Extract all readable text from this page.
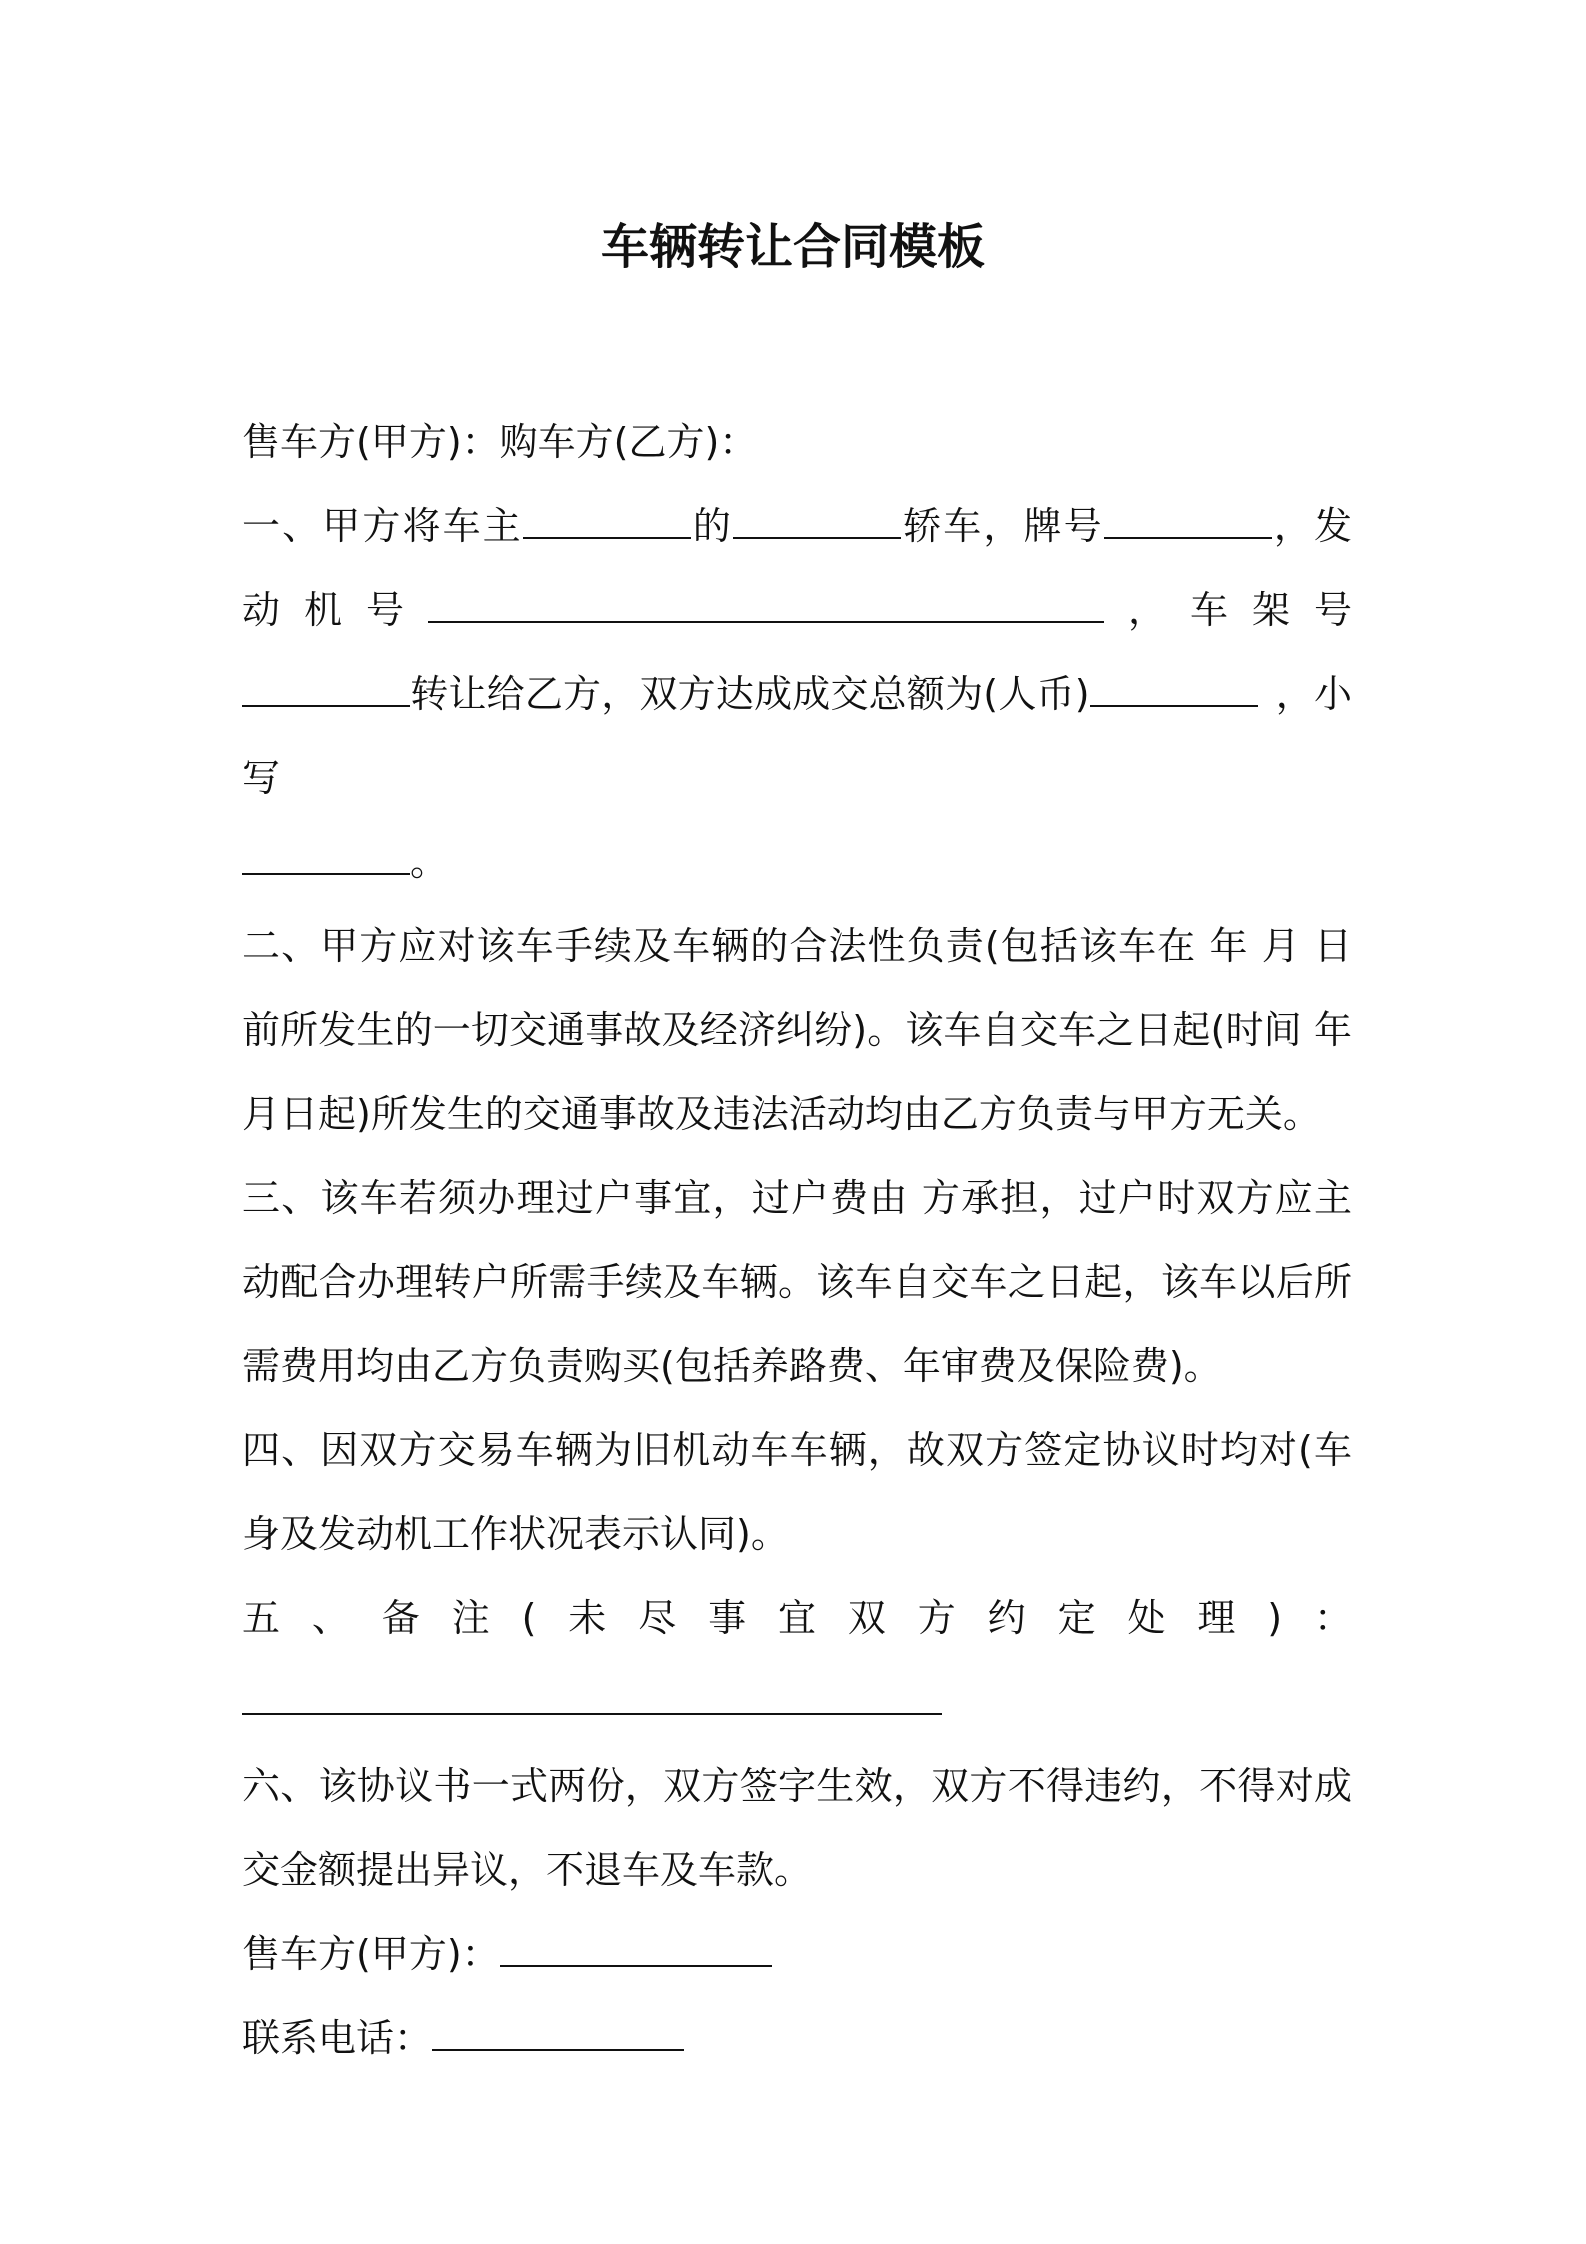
车辆转让合同模板

售车方(甲方)：购车方(乙方)：

一、甲方将车主	的	轿车，牌号	，发动机号	，车架号转让给乙方，双方达成成交总额为(人币)	，小写
。

二、甲方应对该车手续及车辆的合法性负责(包括该车在 年 月 日前所发生的一切交通事故及经济纠纷)。该车自交车之日起(时间 年 月日起)所发生的交通事故及违法活动均由乙方负责与甲方无关。

三、该车若须办理过户事宜，过户费由 方承担，过户时双方应主动配合办理转户所需手续及车辆。该车自交车之日起，该车以后所需费用均由乙方负责购买(包括养路费、年审费及保险费)。

四、因双方交易车辆为旧机动车车辆，故双方签定协议时均对(车身及发动机工作状况表示认同)。

五、备注(未尽事宜双方约定处理)：

六、该协议书一式两份，双方签字生效，双方不得违约，不得对成交金额提出异议，不退车及车款。

售车方(甲方)：

联系电话：
